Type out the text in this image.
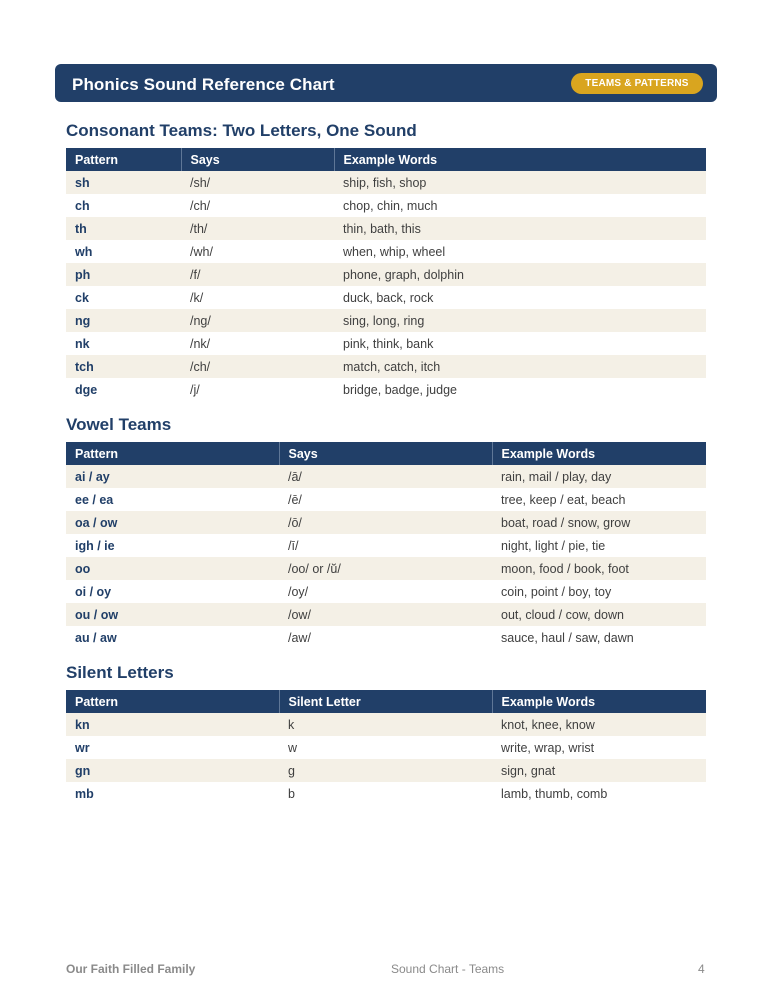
Phonics Sound Reference Chart	TEAMS & PATTERNS
Consonant Teams: Two Letters, One Sound
Pattern	Says	Example Words
sh	/sh/	ship, fish, shop
ch	/ch/	chop, chin, much
th	/th/	thin, bath, this
wh	/wh/	when, whip, wheel
ph	/f/	phone, graph, dolphin
ck	/k/	duck, back, rock
ng	/ng/	sing, long, ring
nk	/nk/	pink, think, bank
tch	/ch/	match, catch, itch
dge	/j/	bridge, badge, judge
Vowel Teams
Pattern	Says	Example Words
ai / ay	/ā/	rain, mail / play, day
ee / ea	/ē/	tree, keep / eat, beach
oa / ow	/ō/	boat, road / snow, grow
igh / ie	/ī/	night, light / pie, tie
oo	/oo/ or /ŭ/	moon, food / book, foot
oi / oy	/oy/	coin, point / boy, toy
ou / ow	/ow/	out, cloud / cow, down
au / aw	/aw/	sauce, haul / saw, dawn
Silent Letters
Pattern	Silent Letter	Example Words
kn	k	knot, knee, know
wr	w	write, wrap, wrist
gn	g	sign, gnat
mb	b	lamb, thumb, comb
Our Faith Filled Family	Sound Chart - Teams	4
